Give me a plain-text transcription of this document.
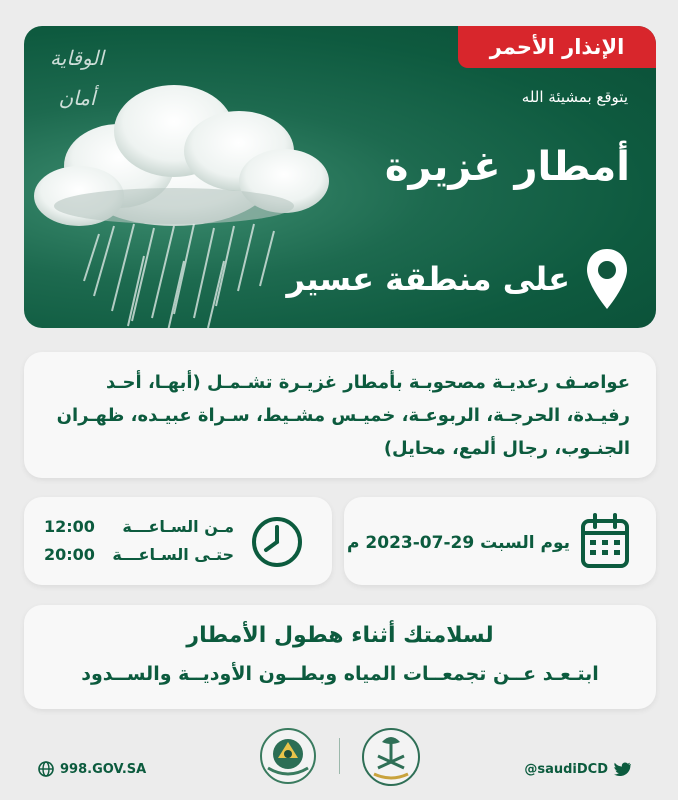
الوقاية أمان
الإنذار الأحمر
يتوقع بمشيئة الله
أمطار غزيرة
على منطقة عسير
عواصـف رعديـة مصحوبـة بأمطار غزيـرة تشـمـل (أبهـا، أحـد رفيـدة، الحرجـة، الربوعـة، خميـس مشـيط، سـراة عبيـده، ظهـران الجنـوب، رجال ألمع، محايل)
يوم السبت 29-07-2023 م
مـن السـاعـــة
12:00
حتـى السـاعـــة
20:00
لسلامتك أثناء هطول الأمطار
ابتـعـد عــن تجمعــات المياه وبطــون الأوديــة والســدود
998.GOV.SA	@saudiDCD
